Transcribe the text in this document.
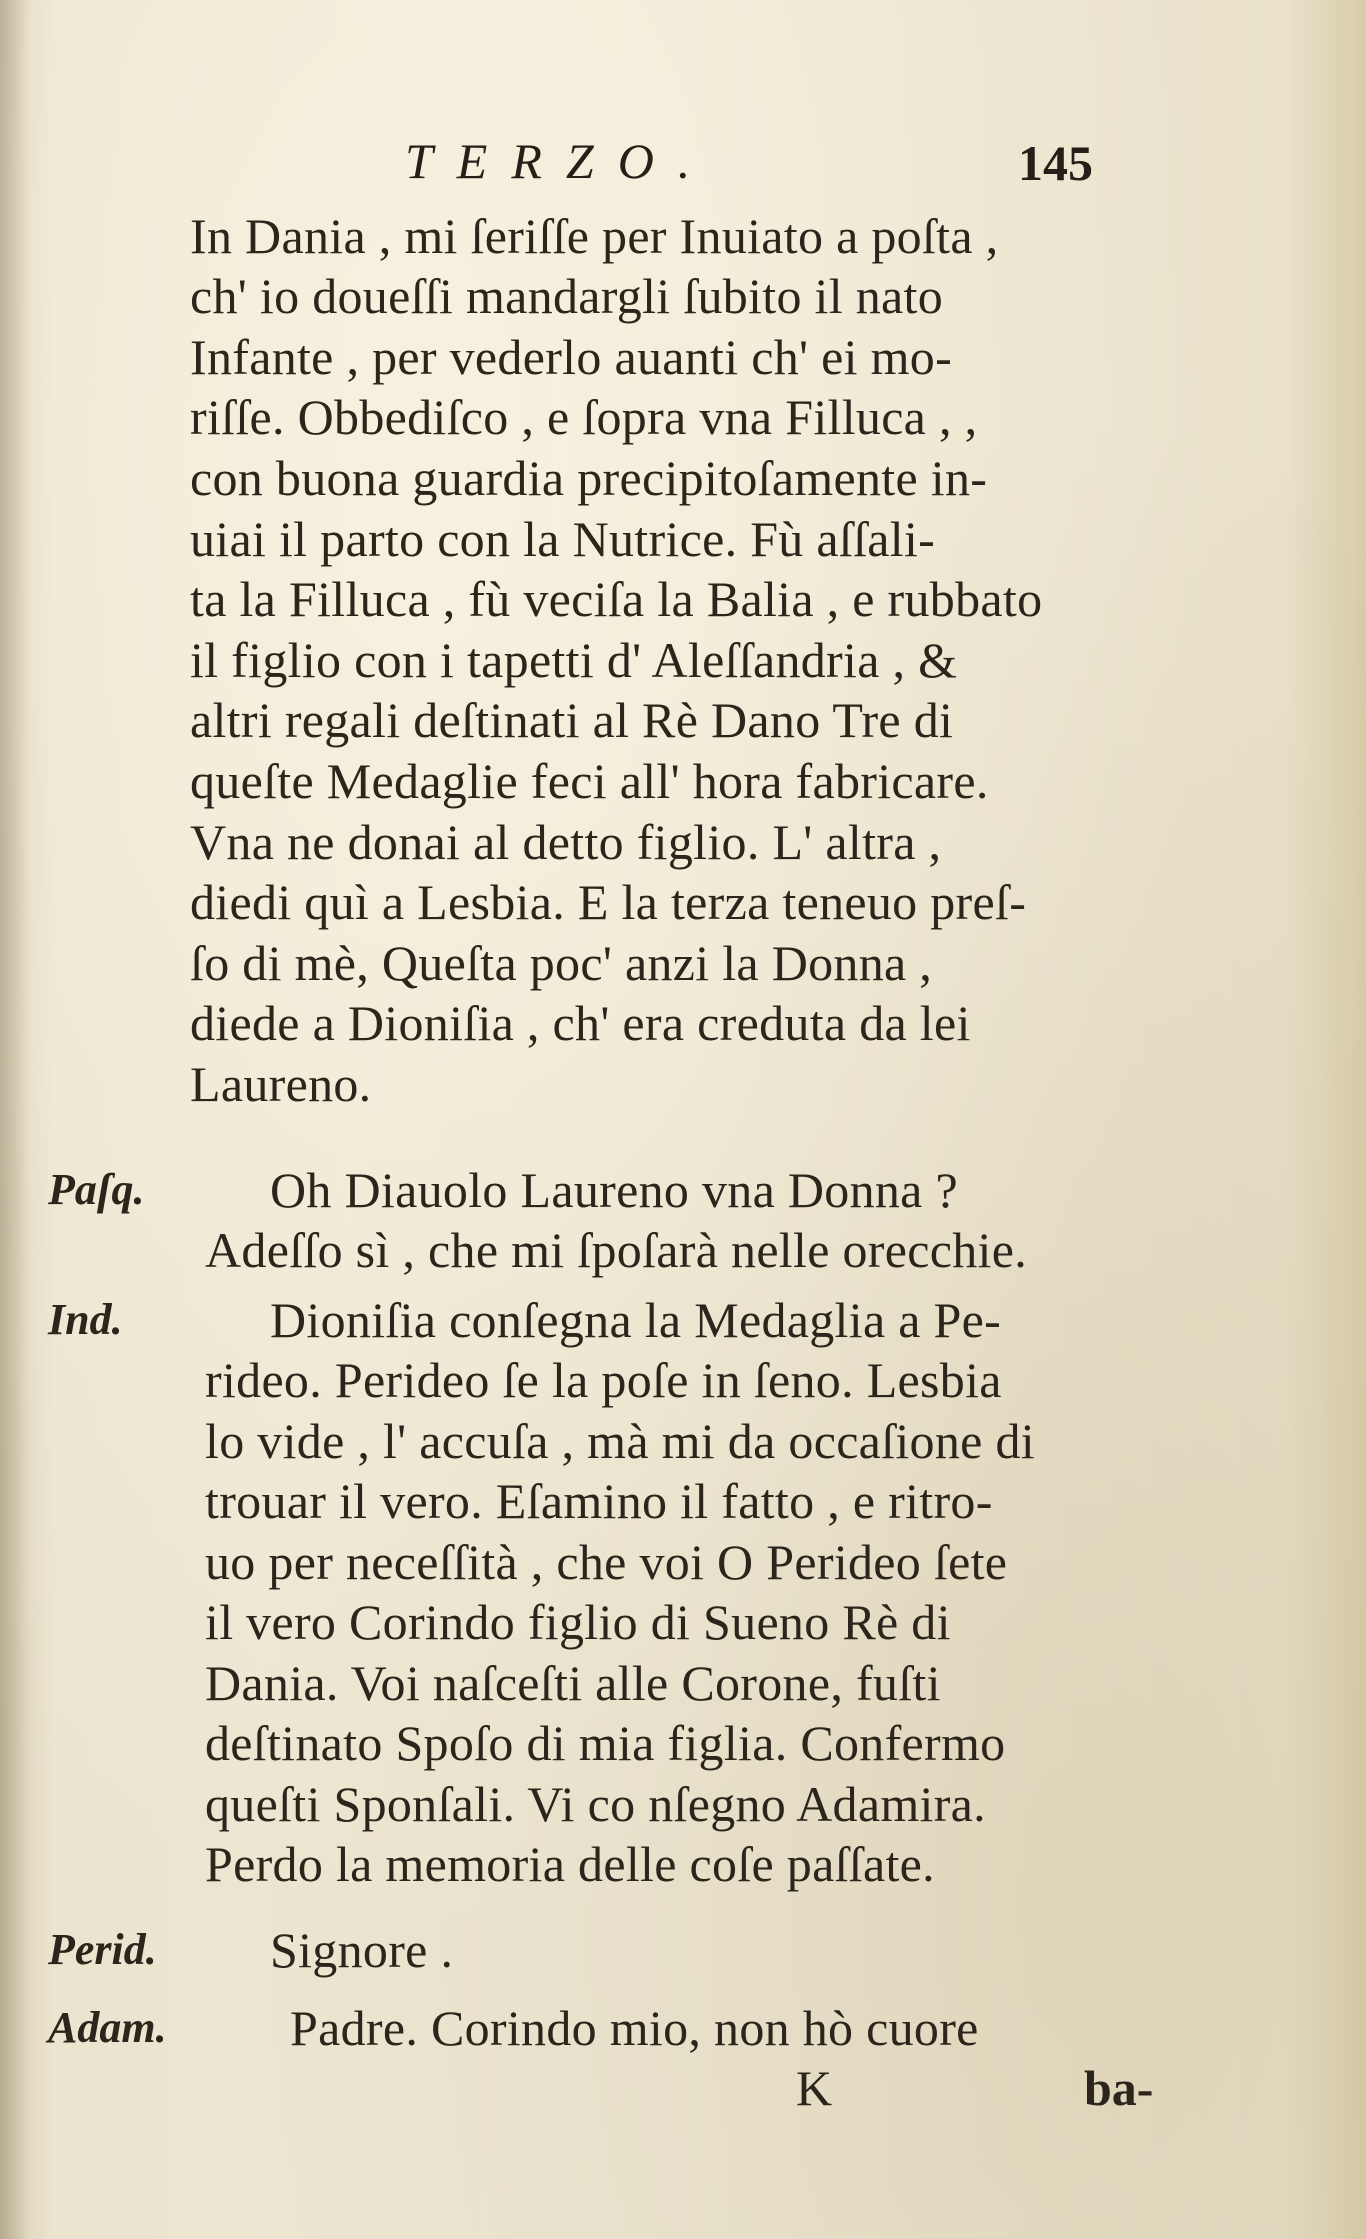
TERZO.	145
In Dania , mi ſeriſſe per Inuiato a poſta ,
ch' io doueſſi mandargli ſubito il nato
Infante , per vederlo auanti ch' ei mo-
riſſe. Obbediſco , e ſopra vna Filluca , ,
con buona guardia precipitoſamente in-
uiai il parto con la Nutrice. Fù aſſali-
ta la Filluca , fù veciſa la Balia , e rubbato
il figlio con i tapetti d' Aleſſandria , &
altri regali deſtinati al Rè Dano Tre di
queſte Medaglie feci all' hora fabricare.
Vna ne donai al detto figlio. L' altra ,
diedi quì a Lesbia. E la terza teneuo preſ-
ſo di mè, Queſta poc' anzi la Donna ,
diede a Dioniſia , ch' era creduta da lei
Laureno.
Paſq.	Oh Diauolo Laureno vna Donna ?
Adeſſo sì , che mi ſpoſarà nelle orecchie.
Ind.	Dioniſia conſegna la Medaglia a Pe-
rideo. Perideo ſe la poſe in ſeno. Lesbia
lo vide , l' accuſa , mà mi da occaſione di
trouar il vero. Eſamino il fatto , e ritro-
uo per neceſſità , che voi O Perideo ſete
il vero Corindo figlio di Sueno Rè di
Dania. Voi naſceſti alle Corone, fuſti
deſtinato Spoſo di mia figlia. Confermo
queſti Sponſali. Vi co nſegno Adamira.
Perdo la memoria delle coſe paſſate.
Perid. Signore .
Adam. Padre. Corindo mio, non hò cuore
K	ba-
